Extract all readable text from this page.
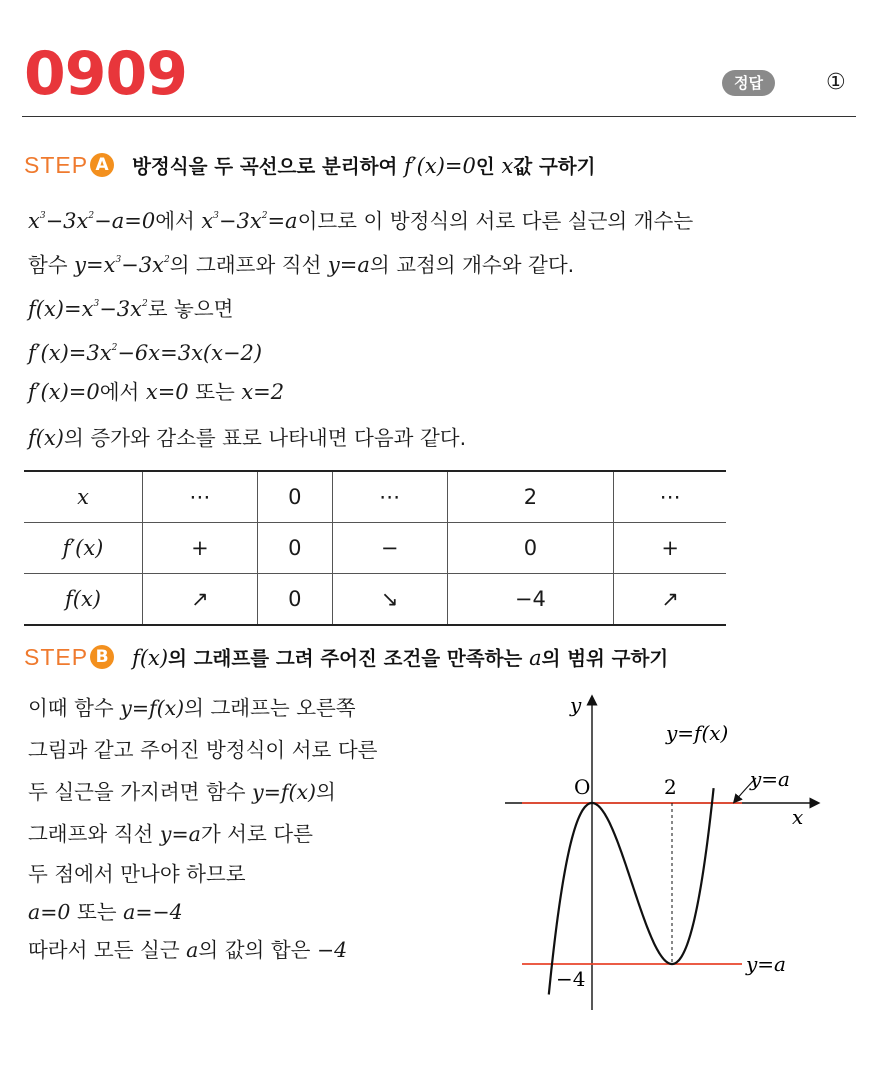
0909	정답	①
STEP A 방정식을 두 곡선으로 분리하여 f′(x)=0인 x값 구하기
$x^3-3x^2-a=0$에서 $x^3-3x^2=a$이므로 이 방정식의 서로 다른 실근의 개수는
함수 $y=x^3-3x^2$의 그래프와 직선 y=a의 교점의 개수와 같다.
$f(x)=x^3-3x^2$로 놓으면
$f'(x)=3x^2-6x=3x(x-2)$
f′(x)=0에서 x=0 또는 x=2
f(x)의 증가와 감소를 표로 나타내면 다음과 같다.
x	⋯	0	⋯	2	⋯
f′(x)	+	0	−	0	+
f(x)	↗	0	↘	−4	↗
STEP B f(x)의 그래프를 그려 주어진 조건을 만족하는 a의 범위 구하기
이때 함수 y=f(x)의 그래프는 오른쪽
그림과 같고 주어진 방정식이 서로 다른
두 실근을 가지려면 함수 y=f(x)의
그래프와 직선 y=a가 서로 다른
두 점에서 만나야 하므로
a=0 또는 a=−4
따라서 모든 실근 a의 값의 합은 −4
y
x
O	2
−4
y=f(x)
y=a
y=a
